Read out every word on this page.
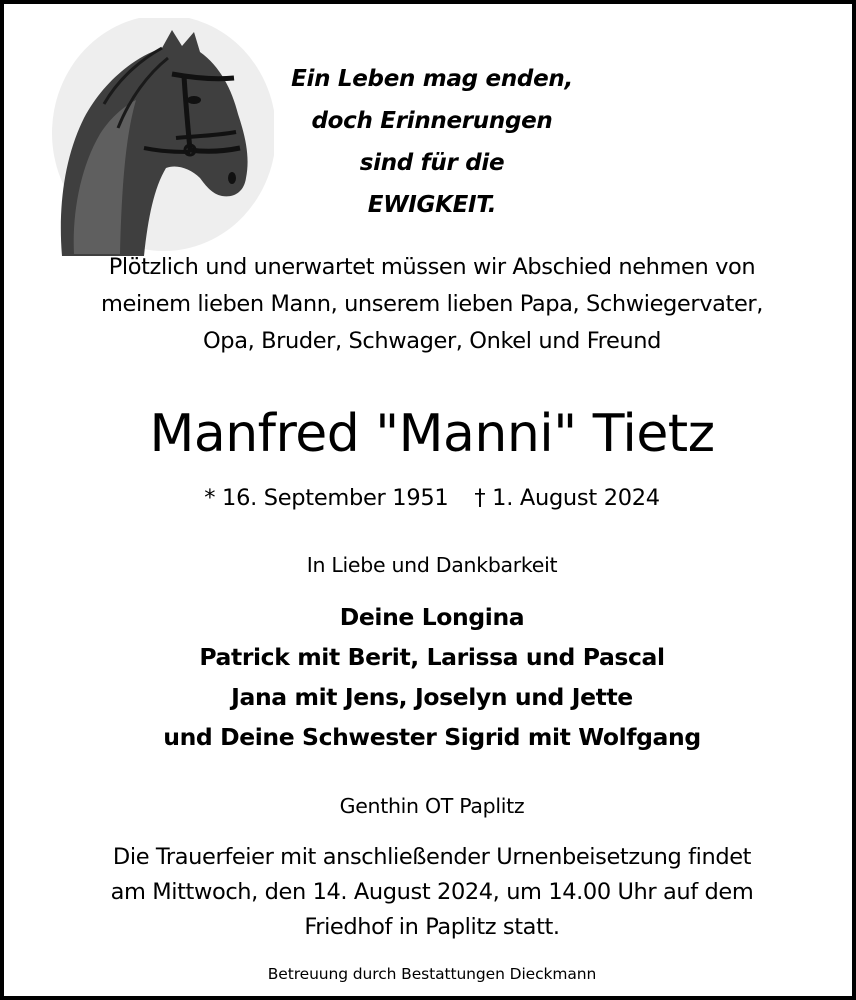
Ein Leben mag enden,
doch Erinnerungen
sind für die
EWIGKEIT.
Plötzlich und unerwartet müssen wir Abschied nehmen von
meinem lieben Mann, unserem lieben Papa, Schwiegervater,
Opa, Bruder, Schwager, Onkel und Freund
Manfred "Manni" Tietz
* 16. September 1951 † 1. August 2024
In Liebe und Dankbarkeit
Deine Longina
Patrick mit Berit, Larissa und Pascal
Jana mit Jens, Joselyn und Jette
und Deine Schwester Sigrid mit Wolfgang
Genthin OT Paplitz
Die Trauerfeier mit anschließender Urnenbeisetzung findet
am Mittwoch, den 14. August 2024, um 14.00 Uhr auf dem
Friedhof in Paplitz statt.
Betreuung durch Bestattungen Dieckmann
